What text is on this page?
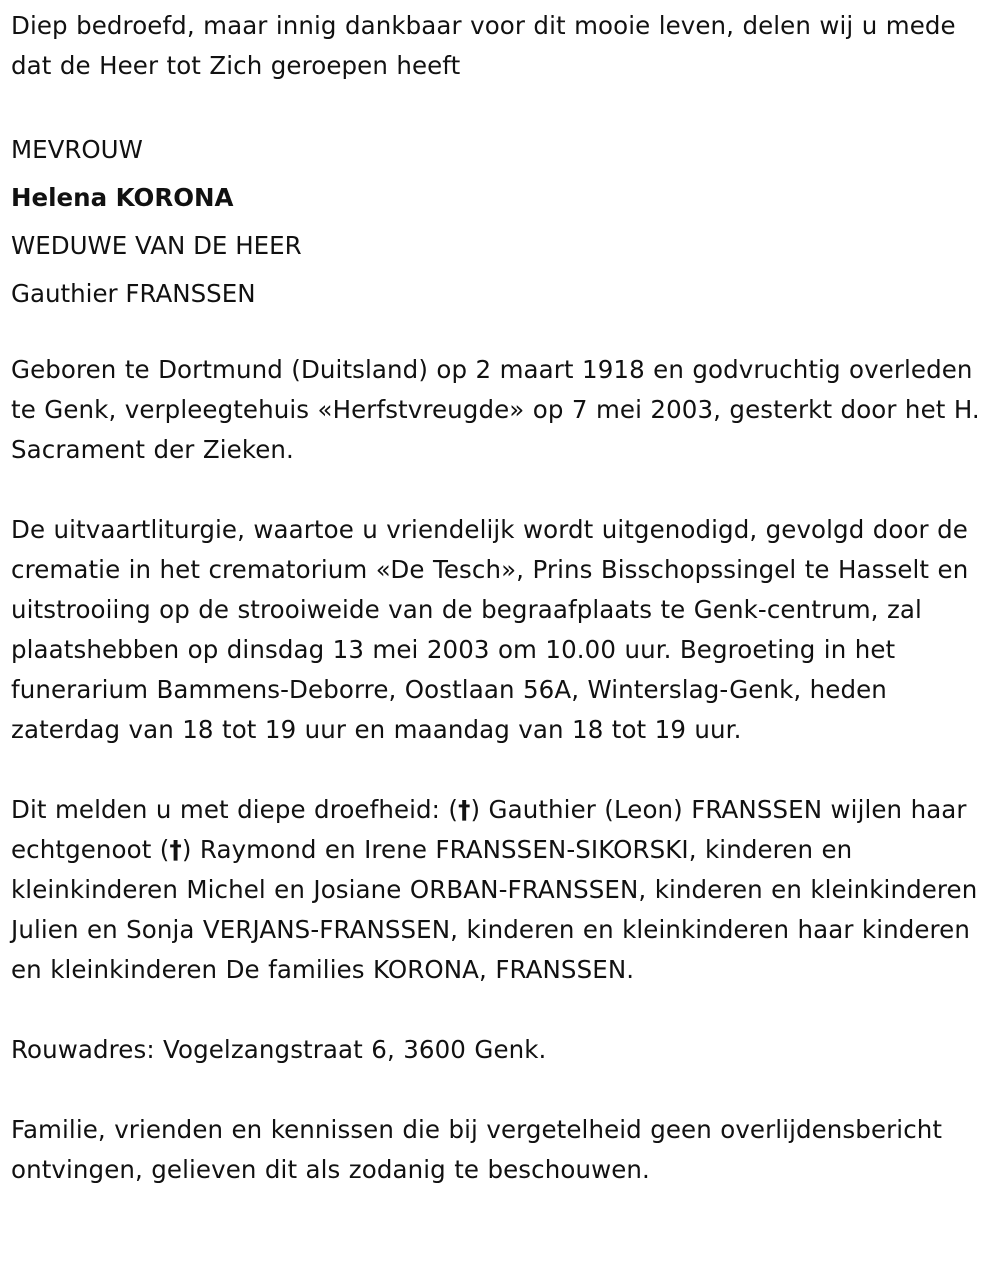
Diep bedroefd, maar innig dankbaar voor dit mooie leven, delen wij u mede dat de Heer tot Zich geroepen heeft

MEVROUW
Helena KORONA
WEDUWE VAN DE HEER
Gauthier FRANSSEN

Geboren te Dortmund (Duitsland) op 2 maart 1918 en godvruchtig overleden te Genk, verpleegtehuis «Herfstvreugde» op 7 mei 2003, gesterkt door het H. Sacrament der Zieken.

De uitvaartliturgie, waartoe u vriendelijk wordt uitgenodigd, gevolgd door de crematie in het crematorium «De Tesch», Prins Bisschopssingel te Hasselt en uitstrooiing op de strooiweide van de begraafplaats te Genk-centrum, zal plaatshebben op dinsdag 13 mei 2003 om 10.00 uur. Begroeting in het funerarium Bammens-Deborre, Oostlaan 56A, Winterslag-Genk, heden zaterdag van 18 tot 19 uur en maandag van 18 tot 19 uur.

Dit melden u met diepe droefheid: (†) Gauthier (Leon) FRANSSEN wijlen haar echtgenoot (†) Raymond en Irene FRANSSEN-SIKORSKI, kinderen en kleinkinderen Michel en Josiane ORBAN-FRANSSEN, kinderen en kleinkinderen Julien en Sonja VERJANS-FRANSSEN, kinderen en kleinkinderen haar kinderen en kleinkinderen De families KORONA, FRANSSEN.

Rouwadres: Vogelzangstraat 6, 3600 Genk.

Familie, vrienden en kennissen die bij vergetelheid geen overlijdensbericht ontvingen, gelieven dit als zodanig te beschouwen.
